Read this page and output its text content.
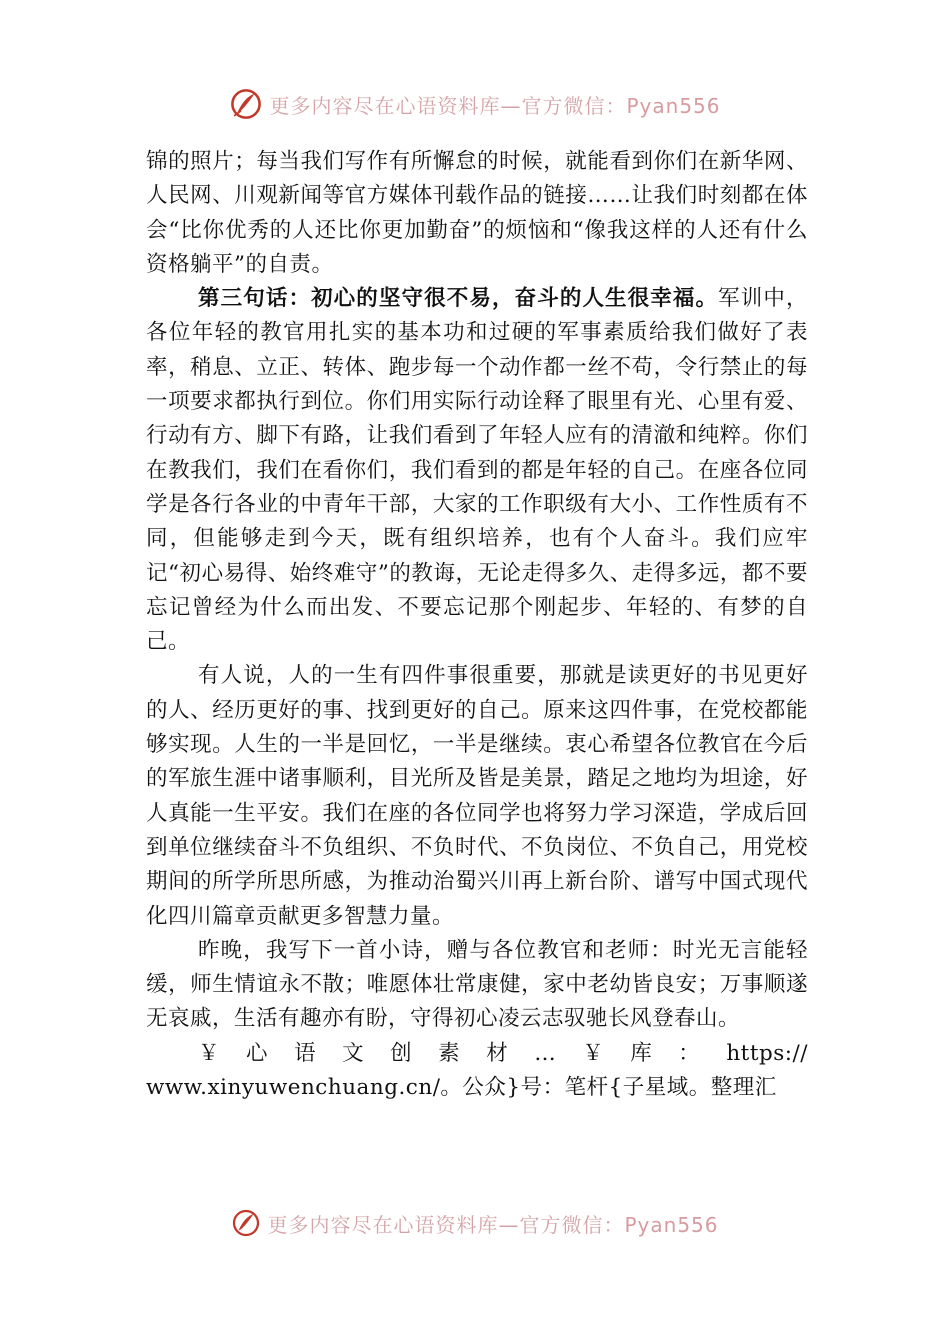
更多内容尽在心语资料库—官方微信：Pyan556

锦的照片；每当我们写作有所懈怠的时候，就能看到你们在新华网、人民网、川观新闻等官方媒体刊载作品的链接……让我们时刻都在体会“比你优秀的人还比你更加勤奋”的烦恼和“像我这样的人还有什么资格躺平”的自责。

第三句话：初心的坚守很不易，奋斗的人生很幸福。军训中，各位年轻的教官用扎实的基本功和过硬的军事素质给我们做好了表率，稍息、立正、转体、跑步每一个动作都一丝不苟，令行禁止的每一项要求都执行到位。你们用实际行动诠释了眼里有光、心里有爱、行动有方、脚下有路，让我们看到了年轻人应有的清澈和纯粹。你们在教我们，我们在看你们，我们看到的都是年轻的自己。在座各位同学是各行各业的中青年干部，大家的工作职级有大小、工作性质有不同，但能够走到今天，既有组织培养，也有个人奋斗。我们应牢记“初心易得、始终难守”的教诲，无论走得多久、走得多远，都不要忘记曾经为什么而出发、不要忘记那个刚起步、年轻的、有梦的自己。

有人说，人的一生有四件事很重要，那就是读更好的书见更好的人、经历更好的事、找到更好的自己。原来这四件事，在党校都能够实现。人生的一半是回忆，一半是继续。衷心希望各位教官在今后的军旅生涯中诸事顺利，目光所及皆是美景，踏足之地均为坦途，好人真能一生平安。我们在座的各位同学也将努力学习深造，学成后回到单位继续奋斗不负组织、不负时代、不负岗位、不负自己，用党校期间的所学所思所感，为推动治蜀兴川再上新台阶、谱写中国式现代化四川篇章贡献更多智慧力量。

昨晚，我写下一首小诗，赠与各位教官和老师：时光无言能轻缓，师生情谊永不散；唯愿体壮常康健，家中老幼皆良安；万事顺遂无哀戚，生活有趣亦有盼，守得初心凌云志驭驰长风登春山。

￥ 心 语 文 创 素 材 … ￥ 库 ： https://

www.xinyuwenchuang.cn/。公众}号：笔杆{子星域。整理汇

更多内容尽在心语资料库—官方微信：Pyan556
